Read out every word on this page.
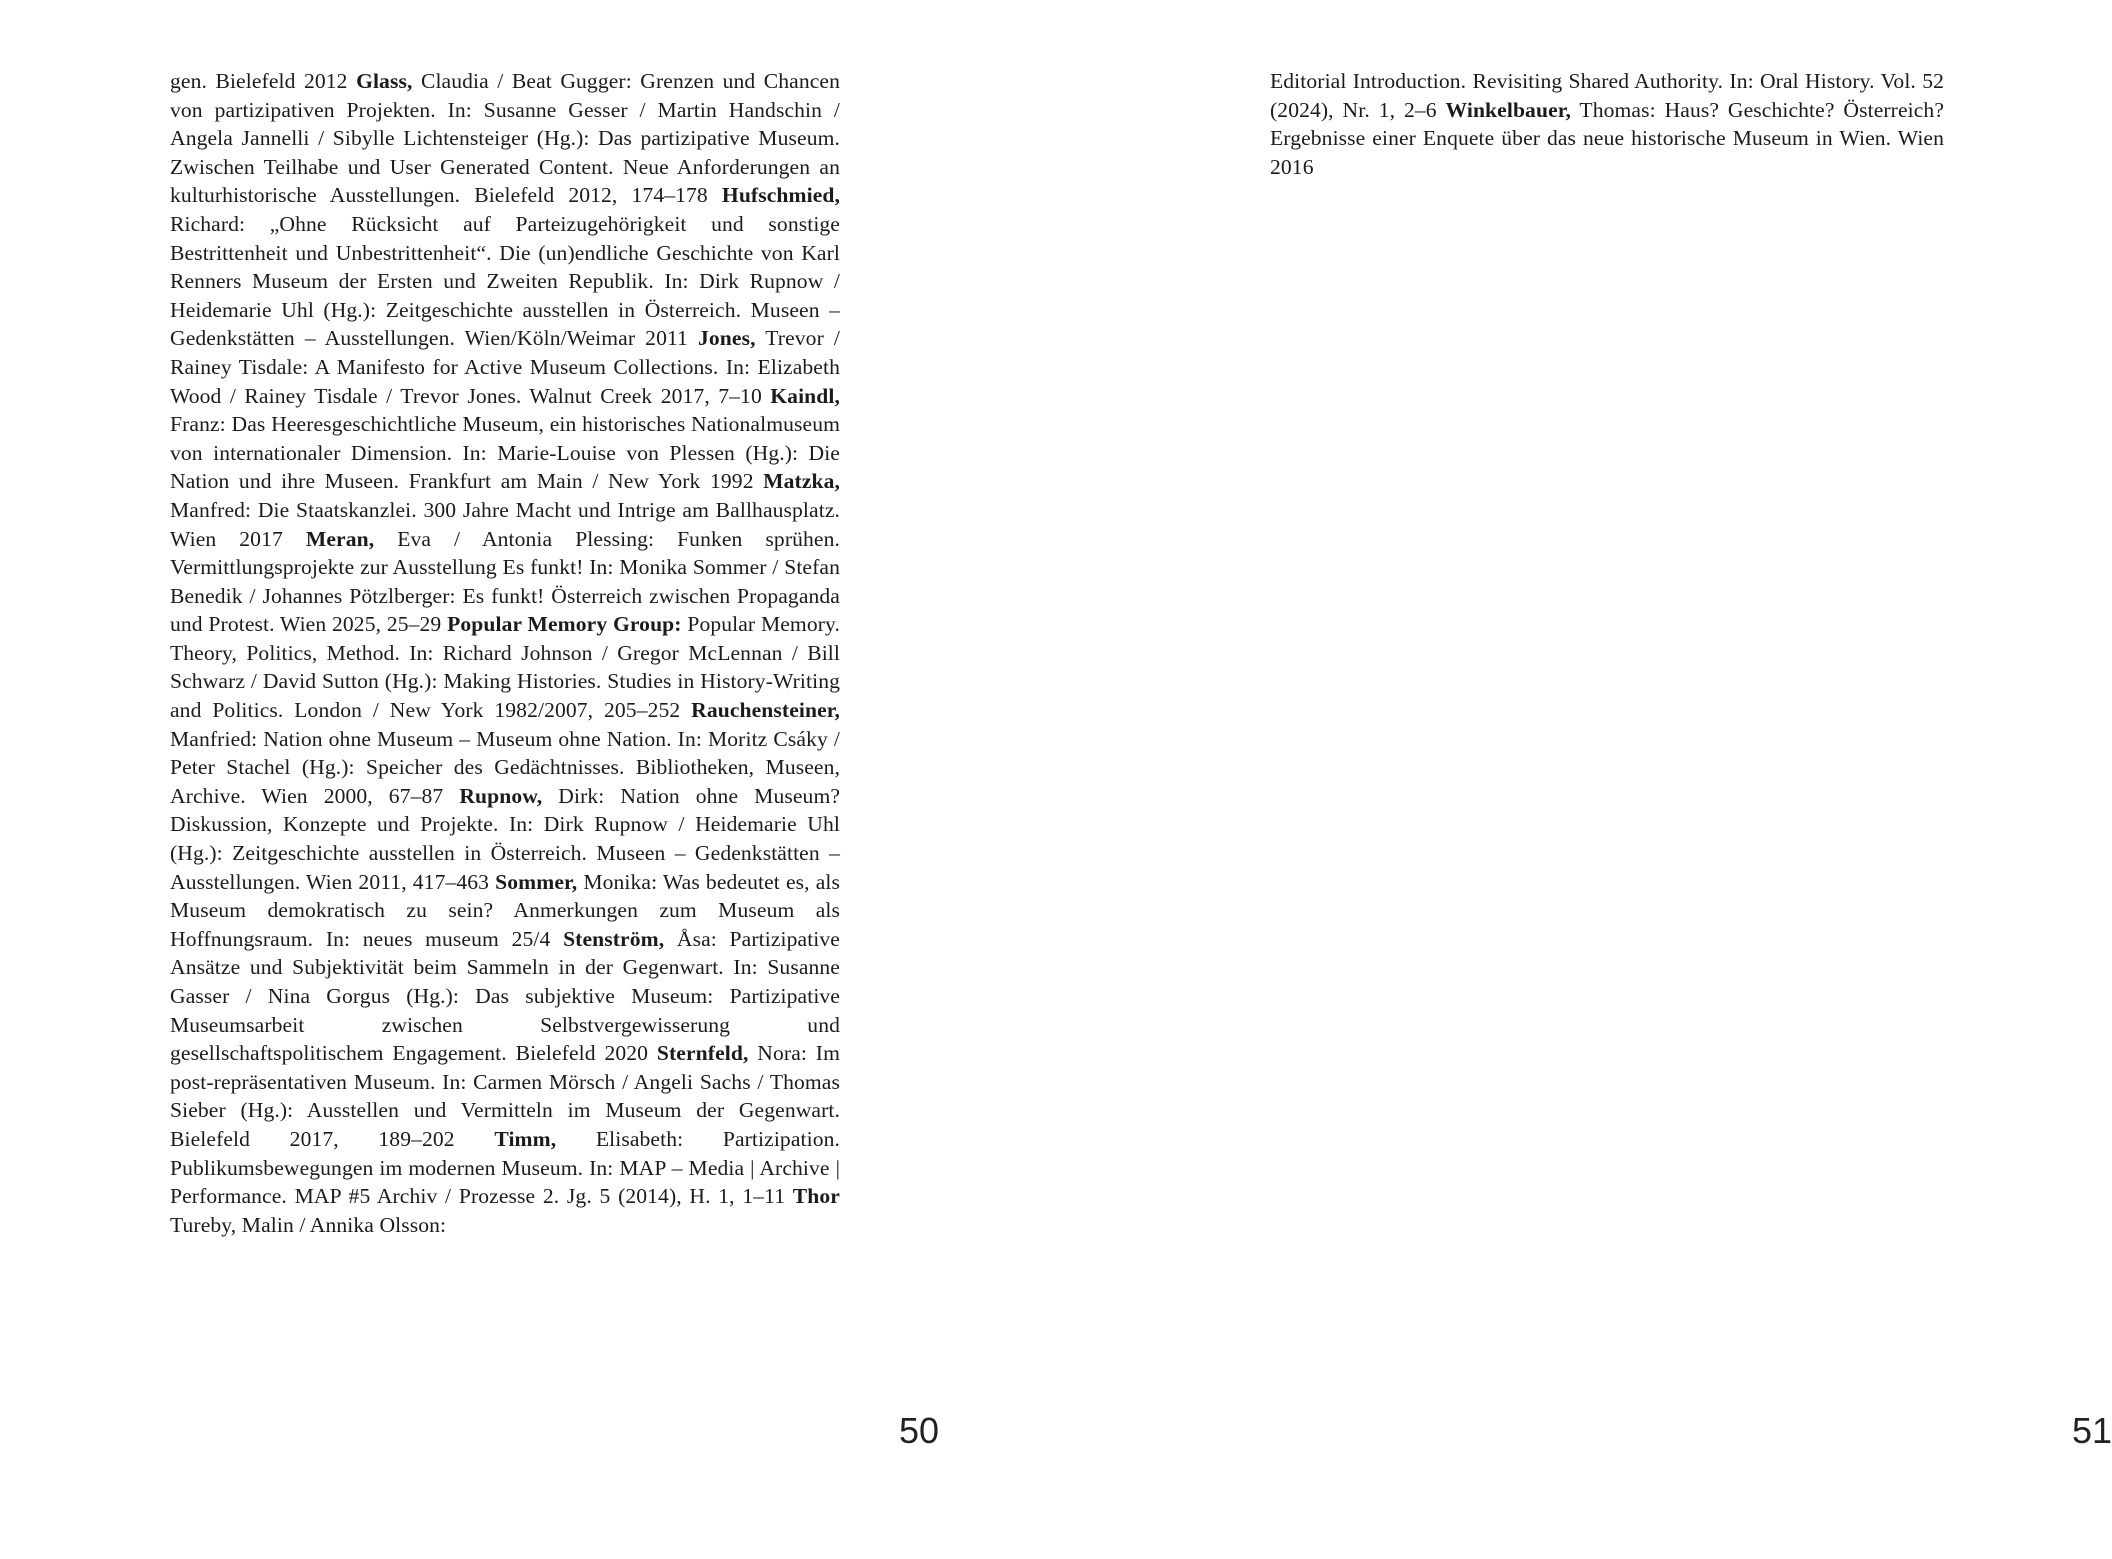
gen. Bielefeld 2012 Glass, Claudia / Beat Gugger: Grenzen und Chancen von partizipativen Projekten. In: Susanne Gesser / Martin Handschin / Angela Jannelli / Sibylle Lichtensteiger (Hg.): Das partizipative Museum. Zwischen Teilhabe und User Generated Content. Neue Anforderungen an kulturhistorische Ausstellungen. Bielefeld 2012, 174–178 Hufschmied, Richard: „Ohne Rücksicht auf Parteizugehörigkeit und sonstige Bestrittenheit und Unbestrittenheit“. Die (un)endliche Geschichte von Karl Renners Museum der Ersten und Zweiten Republik. In: Dirk Rupnow / Heidemarie Uhl (Hg.): Zeitgeschichte ausstellen in Österreich. Museen – Gedenkstätten – Ausstellungen. Wien/Köln/Weimar 2011 Jones, Trevor / Rainey Tisdale: A Manifesto for Active Museum Collections. In: Elizabeth Wood / Rainey Tisdale / Trevor Jones. Walnut Creek 2017, 7–10 Kaindl, Franz: Das Heeresgeschichtliche Museum, ein historisches Nationalmuseum von internationaler Dimension. In: Marie-Louise von Plessen (Hg.): Die Nation und ihre Museen. Frankfurt am Main / New York 1992 Matzka, Manfred: Die Staatskanzlei. 300 Jahre Macht und Intrige am Ballhausplatz. Wien 2017 Meran, Eva / Antonia Plessing: Funken sprühen. Vermittlungsprojekte zur Ausstellung Es funkt! In: Monika Sommer / Stefan Benedik / Johannes Pötzlberger: Es funkt! Österreich zwischen Propaganda und Protest. Wien 2025, 25–29 Popular Memory Group: Popular Memory. Theory, Politics, Method. In: Richard Johnson / Gregor McLennan / Bill Schwarz / David Sutton (Hg.): Making Histories. Studies in History-Writing and Politics. London / New York 1982/2007, 205–252 Rauchensteiner, Manfried: Nation ohne Museum – Museum ohne Nation. In: Moritz Csáky / Peter Stachel (Hg.): Speicher des Gedächtnisses. Bibliotheken, Museen, Archive. Wien 2000, 67–87 Rupnow, Dirk: Nation ohne Museum? Diskussion, Konzepte und Projekte. In: Dirk Rupnow / Heidemarie Uhl (Hg.): Zeitgeschichte ausstellen in Österreich. Museen – Gedenkstätten – Ausstellungen. Wien 2011, 417–463 Sommer, Monika: Was bedeutet es, als Museum demokratisch zu sein? Anmerkungen zum Museum als Hoffnungsraum. In: neues museum 25/4 Stenström, Åsa: Partizipative Ansätze und Subjektivität beim Sammeln in der Gegenwart. In: Susanne Gasser / Nina Gorgus (Hg.): Das subjektive Museum: Partizipative Museumsarbeit zwischen Selbstvergewisserung und gesellschaftspolitischem Engagement. Bielefeld 2020 Sternfeld, Nora: Im post-repräsentativen Museum. In: Carmen Mörsch / Angeli Sachs / Thomas Sieber (Hg.): Ausstellen und Vermitteln im Museum der Gegenwart. Bielefeld 2017, 189–202 Timm, Elisabeth: Partizipation. Publikumsbewegungen im modernen Museum. In: MAP – Media | Archive | Performance. MAP #5 Archiv / Prozesse 2. Jg. 5 (2014), H. 1, 1–11 Thor Tureby, Malin / Annika Olsson:
50
Editorial Introduction. Revisiting Shared Authority. In: Oral History. Vol. 52 (2024), Nr. 1, 2–6 Winkelbauer, Thomas: Haus? Geschichte? Österreich? Ergebnisse einer Enquete über das neue historische Museum in Wien. Wien 2016
51
